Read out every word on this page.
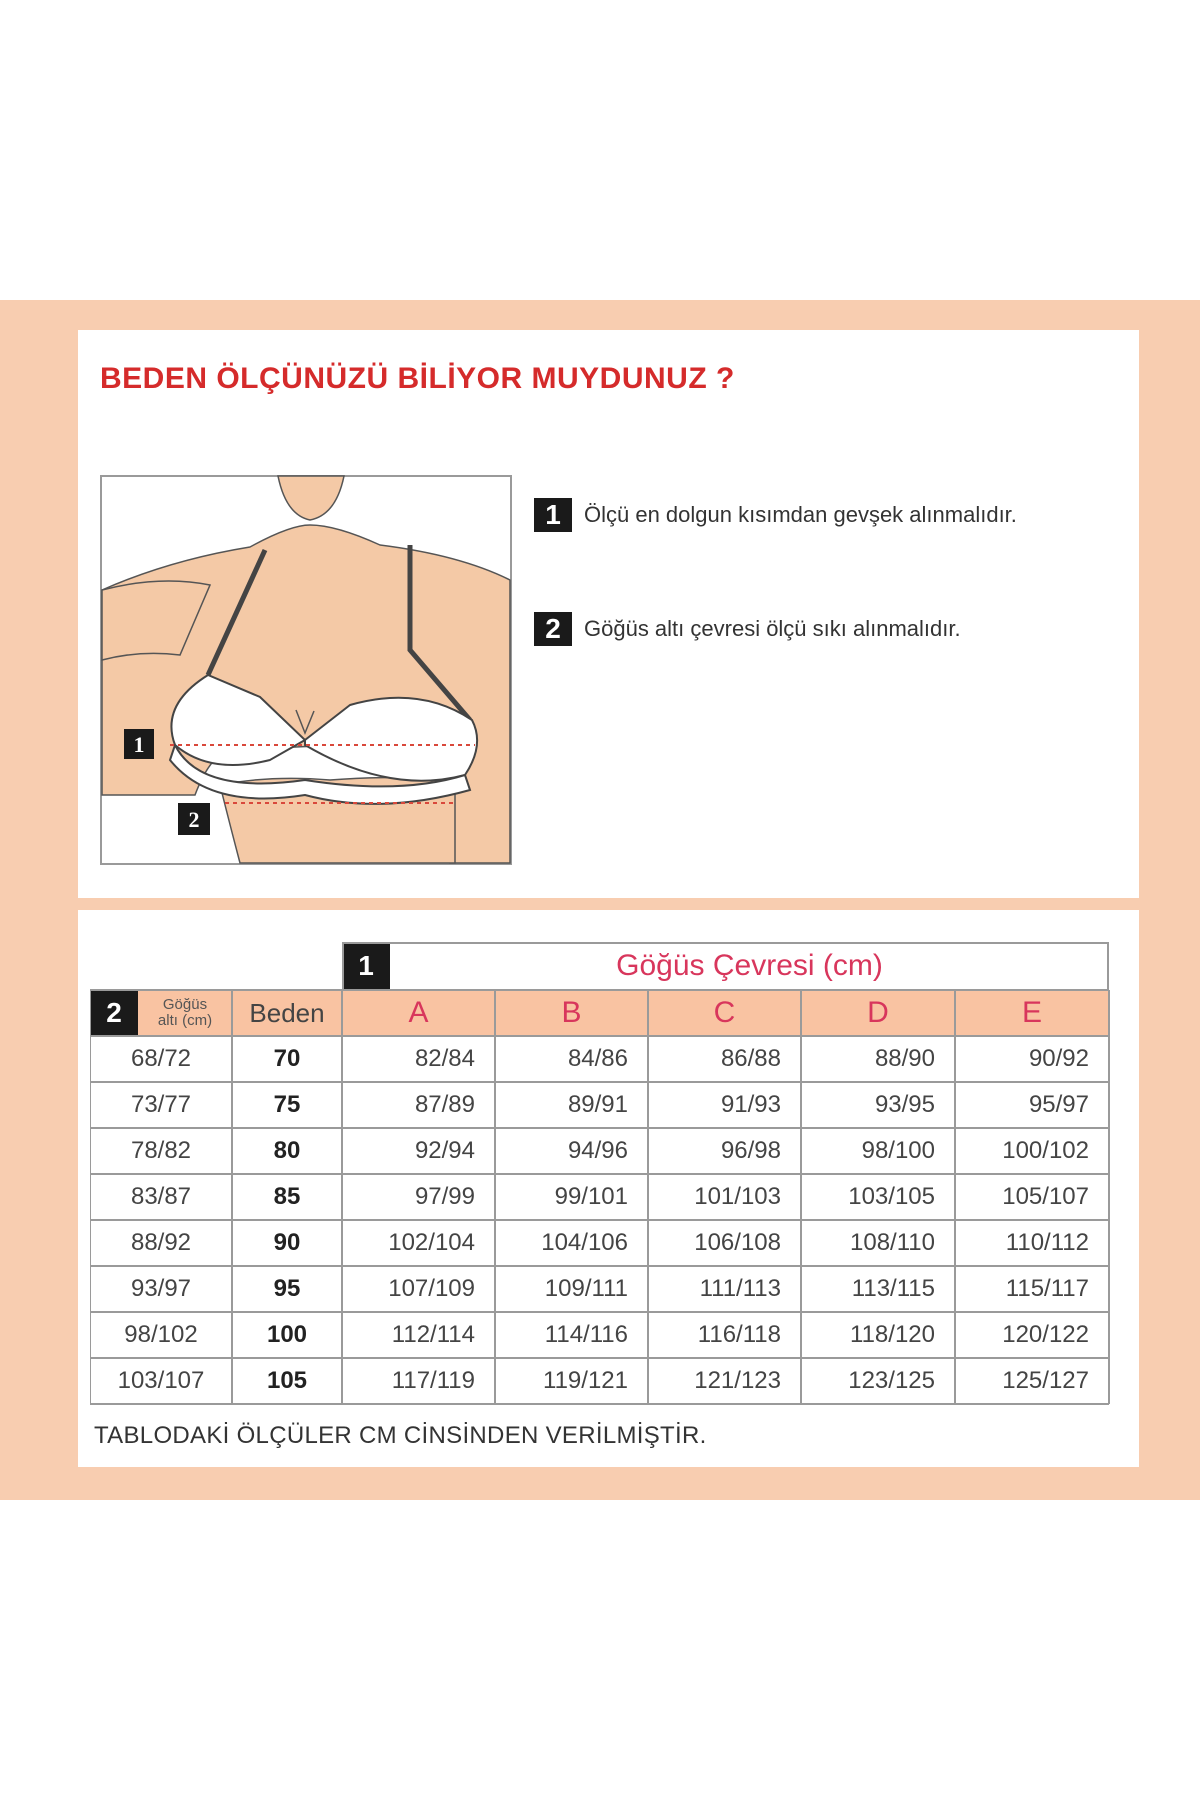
BEDEN ÖLÇÜNÜZÜ BİLİYOR MUYDUNUZ ?
1
2
1	Ölçü en dolgun kısımdan gevşek alınmalıdır.
2	Göğüs altı çevresi ölçü sıkı alınmalıdır.
1	Göğüs Çevresi (cm)
2	Göğüs
altı (cm)	Beden	A	B	C	D	E
68/72	70	82/84	84/86	86/88	88/90	90/92
73/77	75	87/89	89/91	91/93	93/95	95/97
78/82	80	92/94	94/96	96/98	98/100	100/102
83/87	85	97/99	99/101	101/103	103/105	105/107
88/92	90	102/104	104/106	106/108	108/110	110/112
93/97	95	107/109	109/111	111/113	113/115	115/117
98/102	100	112/114	114/116	116/118	118/120	120/122
103/107	105	117/119	119/121	121/123	123/125	125/127
TABLODAKİ ÖLÇÜLER CM CİNSİNDEN VERİLMİŞTİR.
